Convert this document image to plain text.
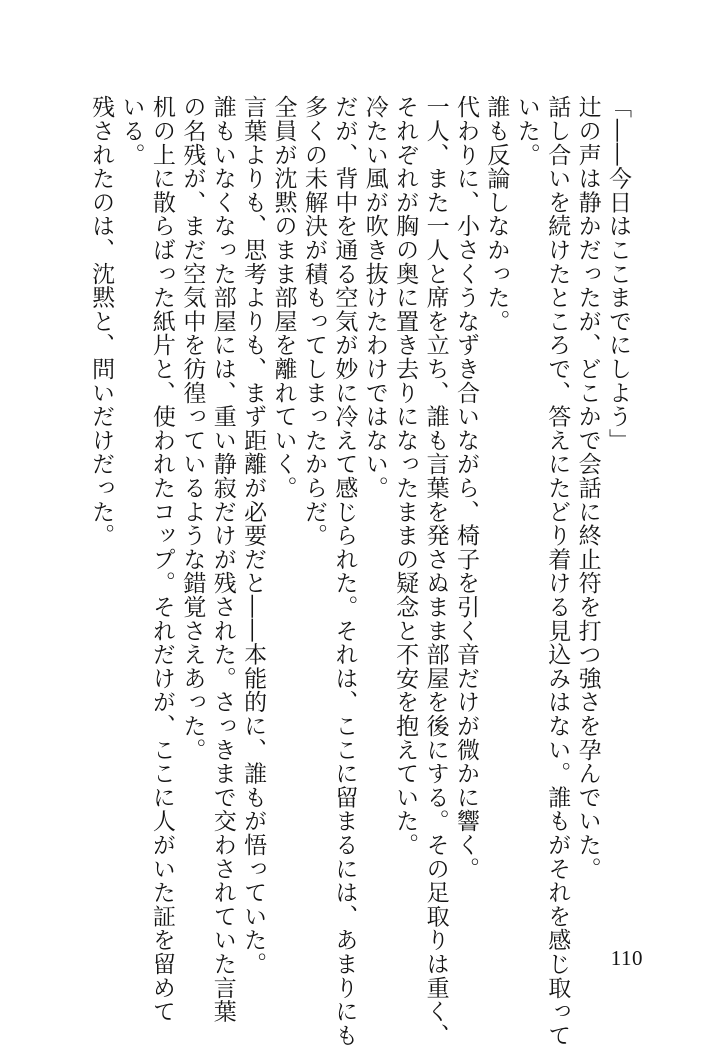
「――今日はここまでにしよう」
辻の声は静かだったが、どこかで会話に終止符を打つ強さを孕んでいた。
話し合いを続けたところで、答えにたどり着ける見込みはない。誰もがそれを感じ取って
いた。
誰も反論しなかった。
代わりに、小さくうなずき合いながら、椅子を引く音だけが微かに響く。
一人、また一人と席を立ち、誰も言葉を発さぬまま部屋を後にする。その足取りは重く、
それぞれが胸の奥に置き去りになったままの疑念と不安を抱えていた。
冷たい風が吹き抜けたわけではない。
だが、背中を通る空気が妙に冷えて感じられた。それは、ここに留まるには、あまりにも
多くの未解決が積もってしまったからだ。
全員が沈黙のまま部屋を離れていく。
言葉よりも、思考よりも、まず距離が必要だと――本能的に、誰もが悟っていた。
誰もいなくなった部屋には、重い静寂だけが残された。さっきまで交わされていた言葉
の名残が、まだ空気中を彷徨っているような錯覚さえあった。
机の上に散らばった紙片と、使われたコップ。それだけが、ここに人がいた証を留めて
いる。
残されたのは、沈黙と、問いだけだった。
110
